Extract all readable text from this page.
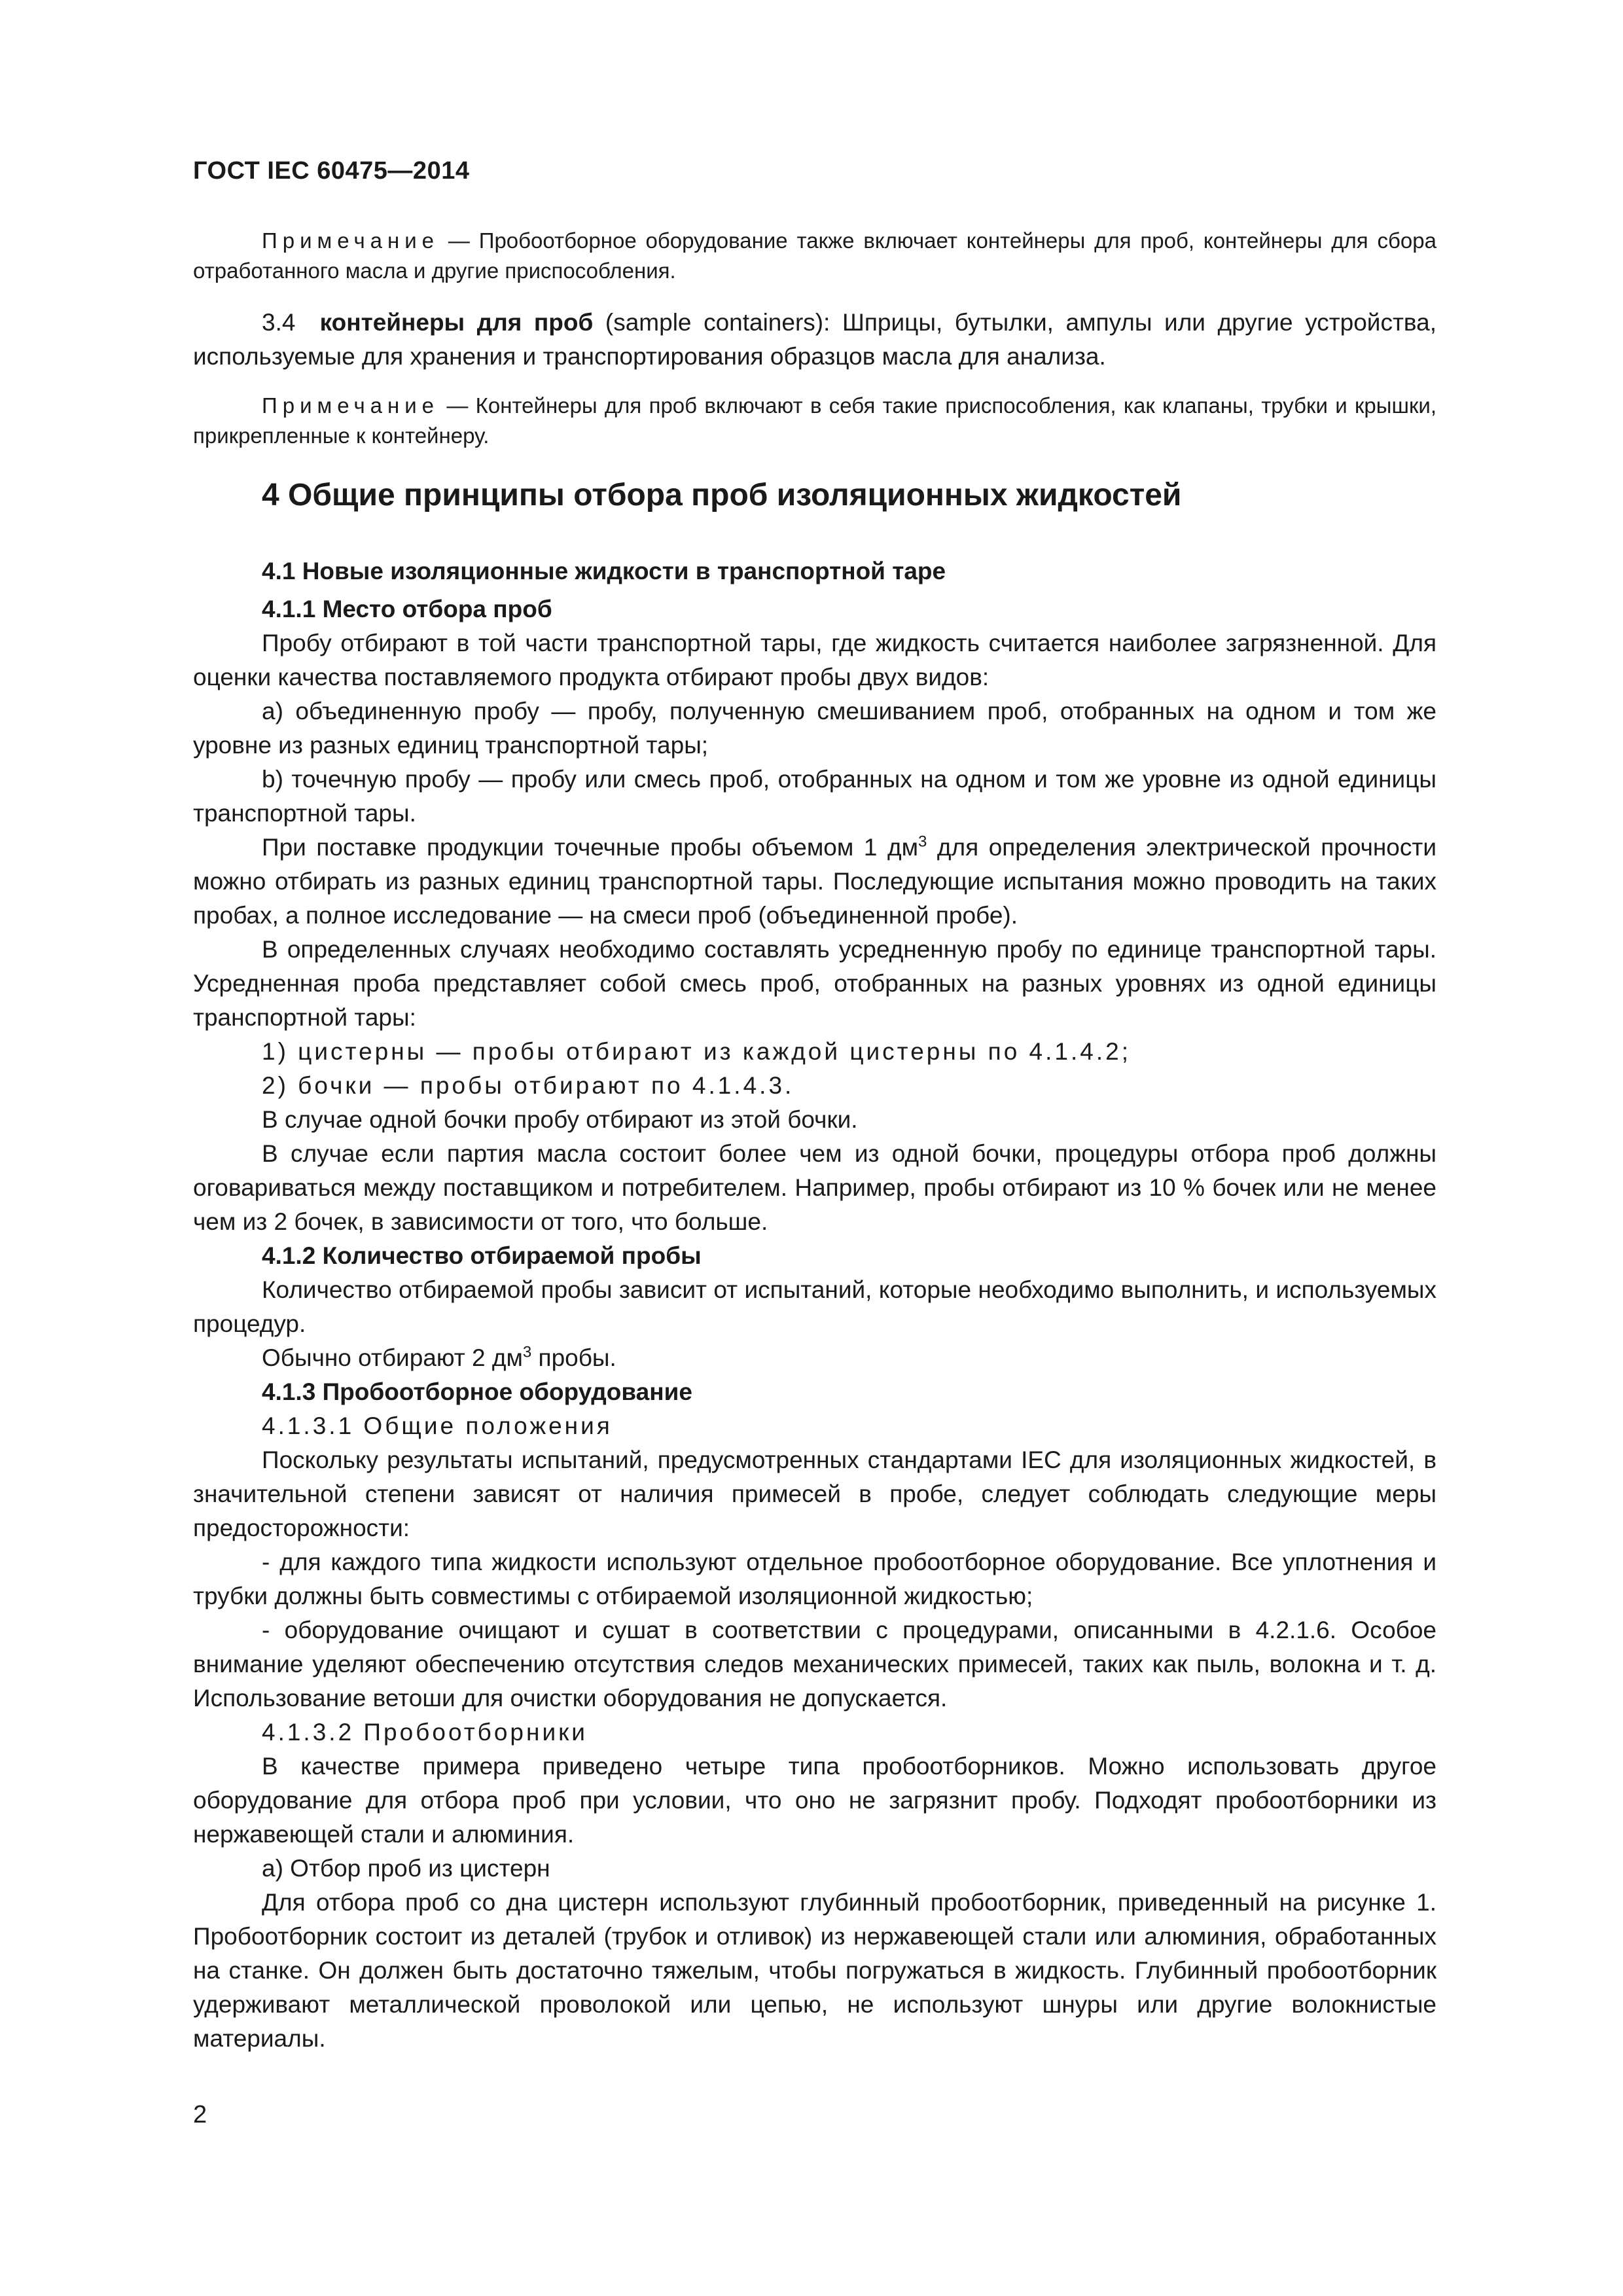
ГОСТ IEC 60475—2014

Примечание — Пробоотборное оборудование также включает контейнеры для проб, контейнеры для сбора отработанного масла и другие приспособления.

3.4 контейнеры для проб (sample containers): Шприцы, бутылки, ампулы или другие устройства, используемые для хранения и транспортирования образцов масла для анализа.

Примечание — Контейнеры для проб включают в себя такие приспособления, как клапаны, трубки и крышки, прикрепленные к контейнеру.

4 Общие принципы отбора проб изоляционных жидкостей

4.1 Новые изоляционные жидкости в транспортной таре

4.1.1 Место отбора проб

Пробу отбирают в той части транспортной тары, где жидкость считается наиболее загрязненной. Для оценки качества поставляемого продукта отбирают пробы двух видов:

a) объединенную пробу — пробу, полученную смешиванием проб, отобранных на одном и том же уровне из разных единиц транспортной тары;

b) точечную пробу — пробу или смесь проб, отобранных на одном и том же уровне из одной единицы транспортной тары.

При поставке продукции точечные пробы объемом 1 $дм^3$ для определения электрической прочности можно отбирать из разных единиц транспортной тары. Последующие испытания можно проводить на таких пробах, а полное исследование — на смеси проб (объединенной пробе).

В определенных случаях необходимо составлять усредненную пробу по единице транспортной тары. Усредненная проба представляет собой смесь проб, отобранных на разных уровнях из одной единицы транспортной тары:

1) цистерны — пробы отбирают из каждой цистерны по 4.1.4.2;

2) бочки — пробы отбирают по 4.1.4.3.

В случае одной бочки пробу отбирают из этой бочки.

В случае если партия масла состоит более чем из одной бочки, процедуры отбора проб должны оговариваться между поставщиком и потребителем. Например, пробы отбирают из 10 % бочек или не менее чем из 2 бочек, в зависимости от того, что больше.

4.1.2 Количество отбираемой пробы

Количество отбираемой пробы зависит от испытаний, которые необходимо выполнить, и используемых процедур.

Обычно отбирают 2 $дм^3$ пробы.

4.1.3 Пробоотборное оборудование

4.1.3.1 Общие положения

Поскольку результаты испытаний, предусмотренных стандартами IEC для изоляционных жидкостей, в значительной степени зависят от наличия примесей в пробе, следует соблюдать следующие меры предосторожности:

- для каждого типа жидкости используют отдельное пробоотборное оборудование. Все уплотнения и трубки должны быть совместимы с отбираемой изоляционной жидкостью;

- оборудование очищают и сушат в соответствии с процедурами, описанными в 4.2.1.6. Особое внимание уделяют обеспечению отсутствия следов механических примесей, таких как пыль, волокна и т. д. Использование ветоши для очистки оборудования не допускается.

4.1.3.2 Пробоотборники

В качестве примера приведено четыре типа пробоотборников. Можно использовать другое оборудование для отбора проб при условии, что оно не загрязнит пробу. Подходят пробоотборники из нержавеющей стали и алюминия.

a) Отбор проб из цистерн

Для отбора проб со дна цистерн используют глубинный пробоотборник, приведенный на рисунке 1. Пробоотборник состоит из деталей (трубок и отливок) из нержавеющей стали или алюминия, обработанных на станке. Он должен быть достаточно тяжелым, чтобы погружаться в жидкость. Глубинный пробоотборник удерживают металлической проволокой или цепью, не используют шнуры или другие волокнистые материалы.

2
